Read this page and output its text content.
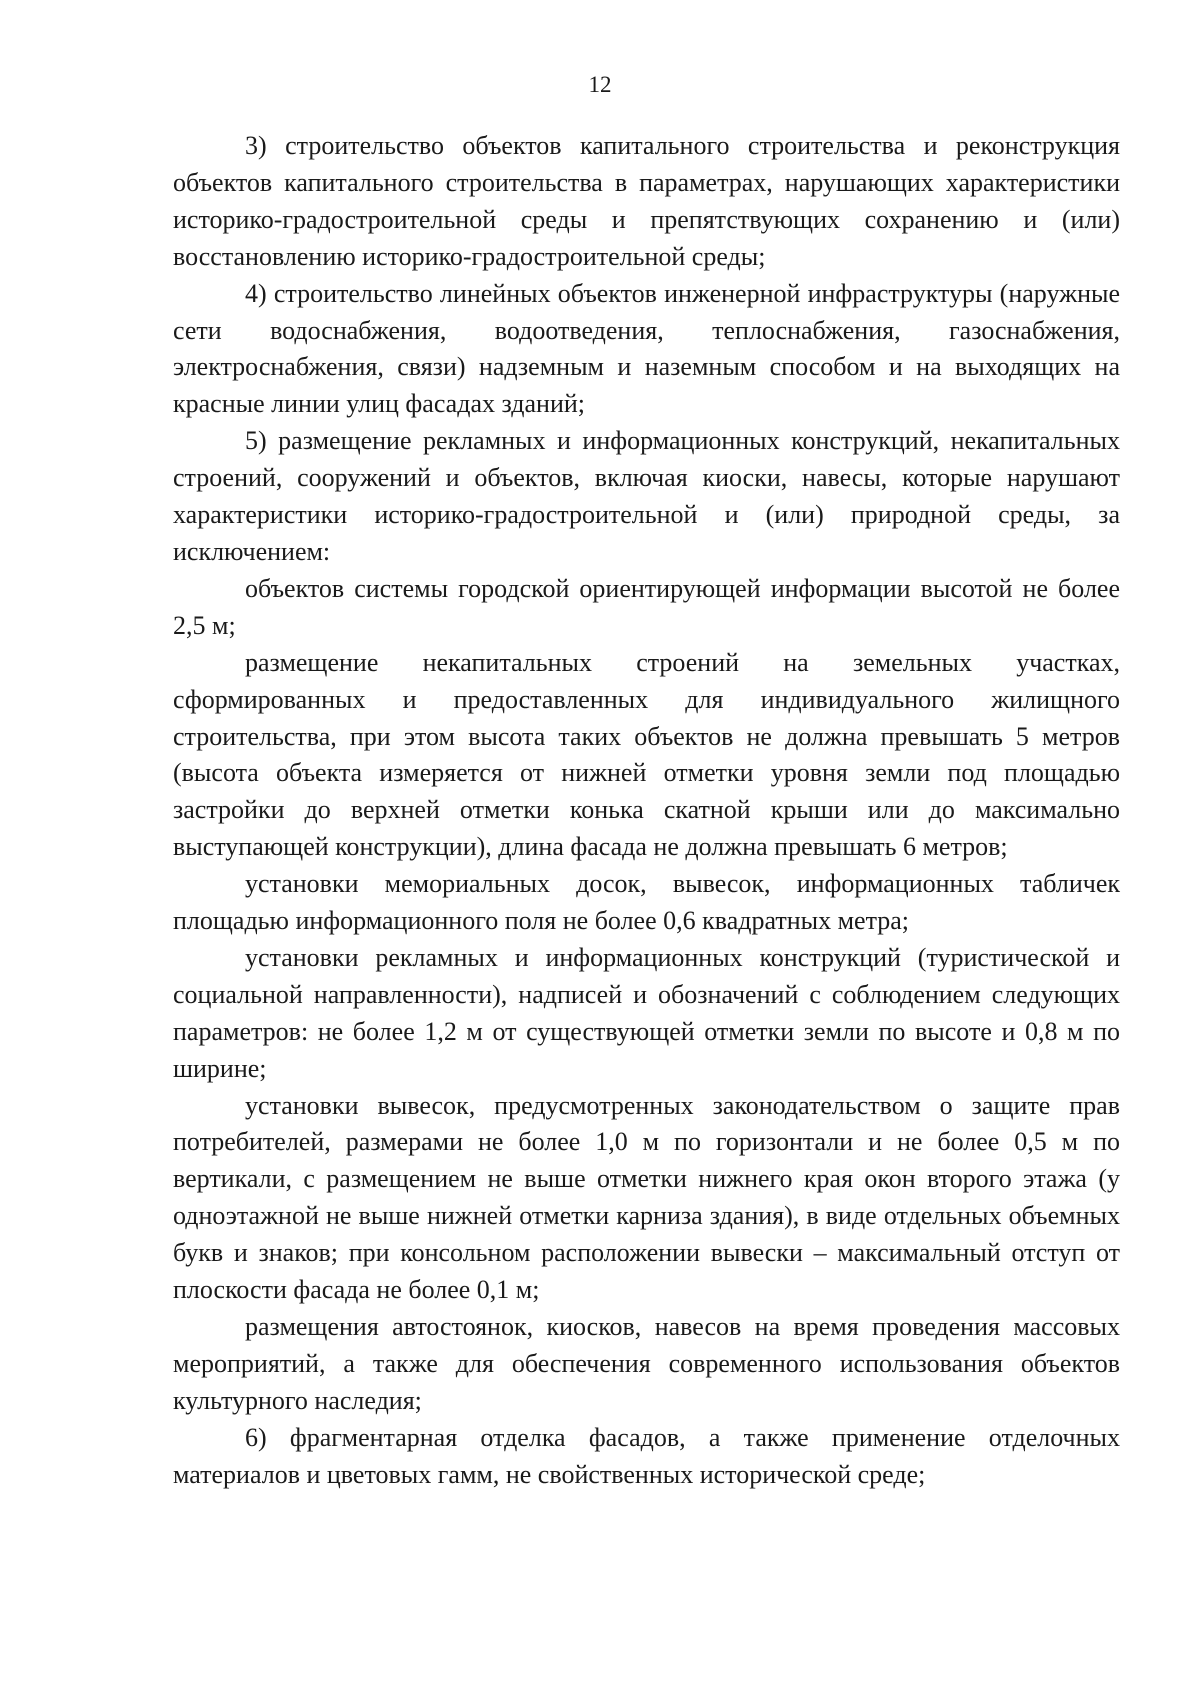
12

3) строительство объектов капитального строительства и реконструкция объектов капитального строительства в параметрах, нарушающих характеристики историко-градостроительной среды и препятствующих сохранению и (или) восстановлению историко-градостроительной среды;

4) строительство линейных объектов инженерной инфраструктуры (наружные сети водоснабжения, водоотведения, теплоснабжения, газоснабжения, электроснабжения, связи) надземным и наземным способом и на выходящих на красные линии улиц фасадах зданий;

5) размещение рекламных и информационных конструкций, некапитальных строений, сооружений и объектов, включая киоски, навесы, которые нарушают характеристики историко-градостроительной и (или) природной среды, за исключением:

объектов системы городской ориентирующей информации высотой не более 2,5 м;

размещение некапитальных строений на земельных участках, сформированных и предоставленных для индивидуального жилищного строительства, при этом высота таких объектов не должна превышать 5 метров (высота объекта измеряется от нижней отметки уровня земли под площадью застройки до верхней отметки конька скатной крыши или до максимально выступающей конструкции), длина фасада не должна превышать 6 метров;

установки мемориальных досок, вывесок, информационных табличек площадью информационного поля не более 0,6 квадратных метра;

установки рекламных и информационных конструкций (туристической и социальной направленности), надписей и обозначений с соблюдением следующих параметров: не более 1,2 м от существующей отметки земли по высоте и 0,8 м по ширине;

установки вывесок, предусмотренных законодательством о защите прав потребителей, размерами не более 1,0 м по горизонтали и не более 0,5 м по вертикали, с размещением не выше отметки нижнего края окон второго этажа (у одноэтажной не выше нижней отметки карниза здания), в виде отдельных объемных букв и знаков; при консольном расположении вывески – максимальный отступ от плоскости фасада не более 0,1 м;

размещения автостоянок, киосков, навесов на время проведения массовых мероприятий, а также для обеспечения современного использования объектов культурного наследия;

6) фрагментарная отделка фасадов, а также применение отделочных материалов и цветовых гамм, не свойственных исторической среде;
